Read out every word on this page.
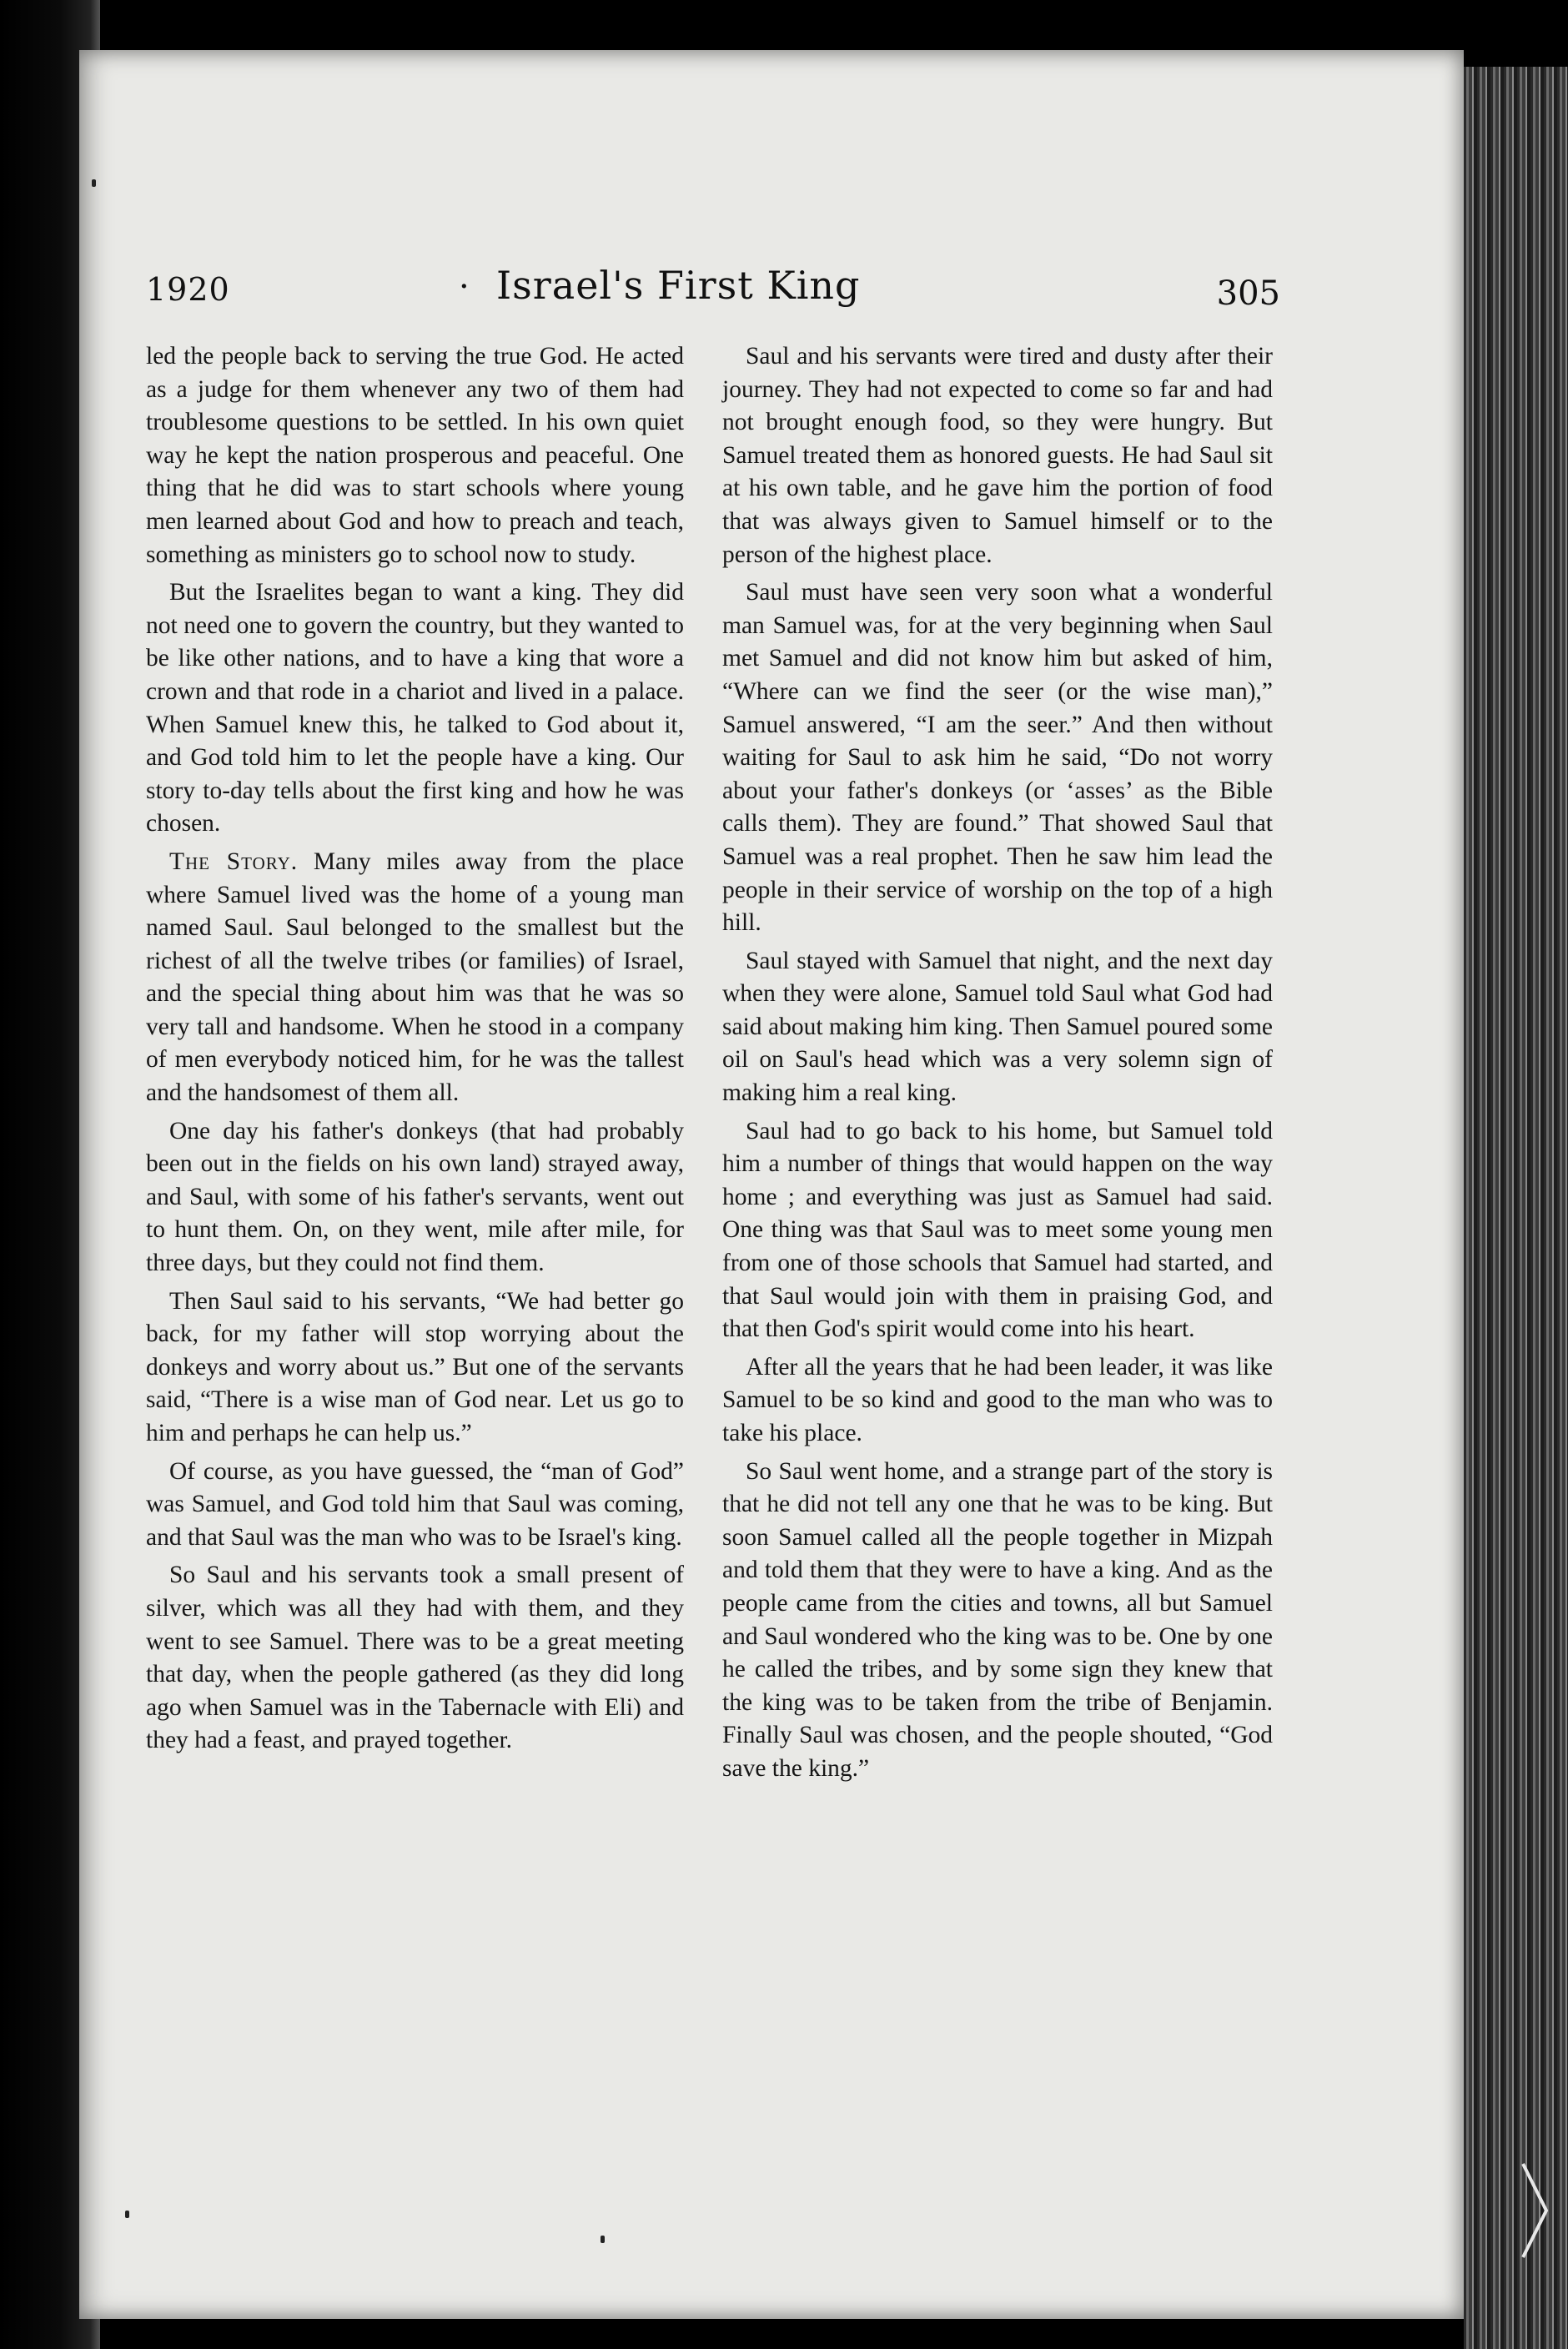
1920	· Israel's First King	305

led the people back to serving the true God. He acted as a judge for them whenever any two of them had troublesome questions to be settled. In his own quiet way he kept the nation prosperous and peaceful. One thing that he did was to start schools where young men learned about God and how to preach and teach, something as ministers go to school now to study.

But the Israelites began to want a king. They did not need one to govern the country, but they wanted to be like other nations, and to have a king that wore a crown and that rode in a chariot and lived in a palace. When Samuel knew this, he talked to God about it, and God told him to let the people have a king. Our story to-day tells about the first king and how he was chosen.

The Story. Many miles away from the place where Samuel lived was the home of a young man named Saul. Saul belonged to the smallest but the richest of all the twelve tribes (or families) of Israel, and the special thing about him was that he was so very tall and handsome. When he stood in a company of men everybody noticed him, for he was the tallest and the handsomest of them all.

One day his father's donkeys (that had probably been out in the fields on his own land) strayed away, and Saul, with some of his father's servants, went out to hunt them. On, on they went, mile after mile, for three days, but they could not find them.

Then Saul said to his servants, “We had better go back, for my father will stop worrying about the donkeys and worry about us.” But one of the servants said, “There is a wise man of God near. Let us go to him and perhaps he can help us.”

Of course, as you have guessed, the “man of God” was Samuel, and God told him that Saul was coming, and that Saul was the man who was to be Israel's king.

So Saul and his servants took a small present of silver, which was all they had with them, and they went to see Samuel. There was to be a great meeting that day, when the people gathered (as they did long ago when Samuel was in the Tabernacle with Eli) and they had a feast, and prayed together.

Saul and his servants were tired and dusty after their journey. They had not expected to come so far and had not brought enough food, so they were hungry. But Samuel treated them as honored guests. He had Saul sit at his own table, and he gave him the portion of food that was always given to Samuel himself or to the person of the highest place.

Saul must have seen very soon what a wonderful man Samuel was, for at the very beginning when Saul met Samuel and did not know him but asked of him, “Where can we find the seer (or the wise man),” Samuel answered, “I am the seer.” And then without waiting for Saul to ask him he said, “Do not worry about your father's donkeys (or ‘asses’ as the Bible calls them). They are found.” That showed Saul that Samuel was a real prophet. Then he saw him lead the people in their service of worship on the top of a high hill.

Saul stayed with Samuel that night, and the next day when they were alone, Samuel told Saul what God had said about making him king. Then Samuel poured some oil on Saul's head which was a very solemn sign of making him a real king.

Saul had to go back to his home, but Samuel told him a number of things that would happen on the way home ; and everything was just as Samuel had said. One thing was that Saul was to meet some young men from one of those schools that Samuel had started, and that Saul would join with them in praising God, and that then God's spirit would come into his heart.

After all the years that he had been leader, it was like Samuel to be so kind and good to the man who was to take his place.

So Saul went home, and a strange part of the story is that he did not tell any one that he was to be king. But soon Samuel called all the people together in Mizpah and told them that they were to have a king. And as the people came from the cities and towns, all but Samuel and Saul wondered who the king was to be. One by one he called the tribes, and by some sign they knew that the king was to be taken from the tribe of Benjamin. Finally Saul was chosen, and the people shouted, “God save the king.”
